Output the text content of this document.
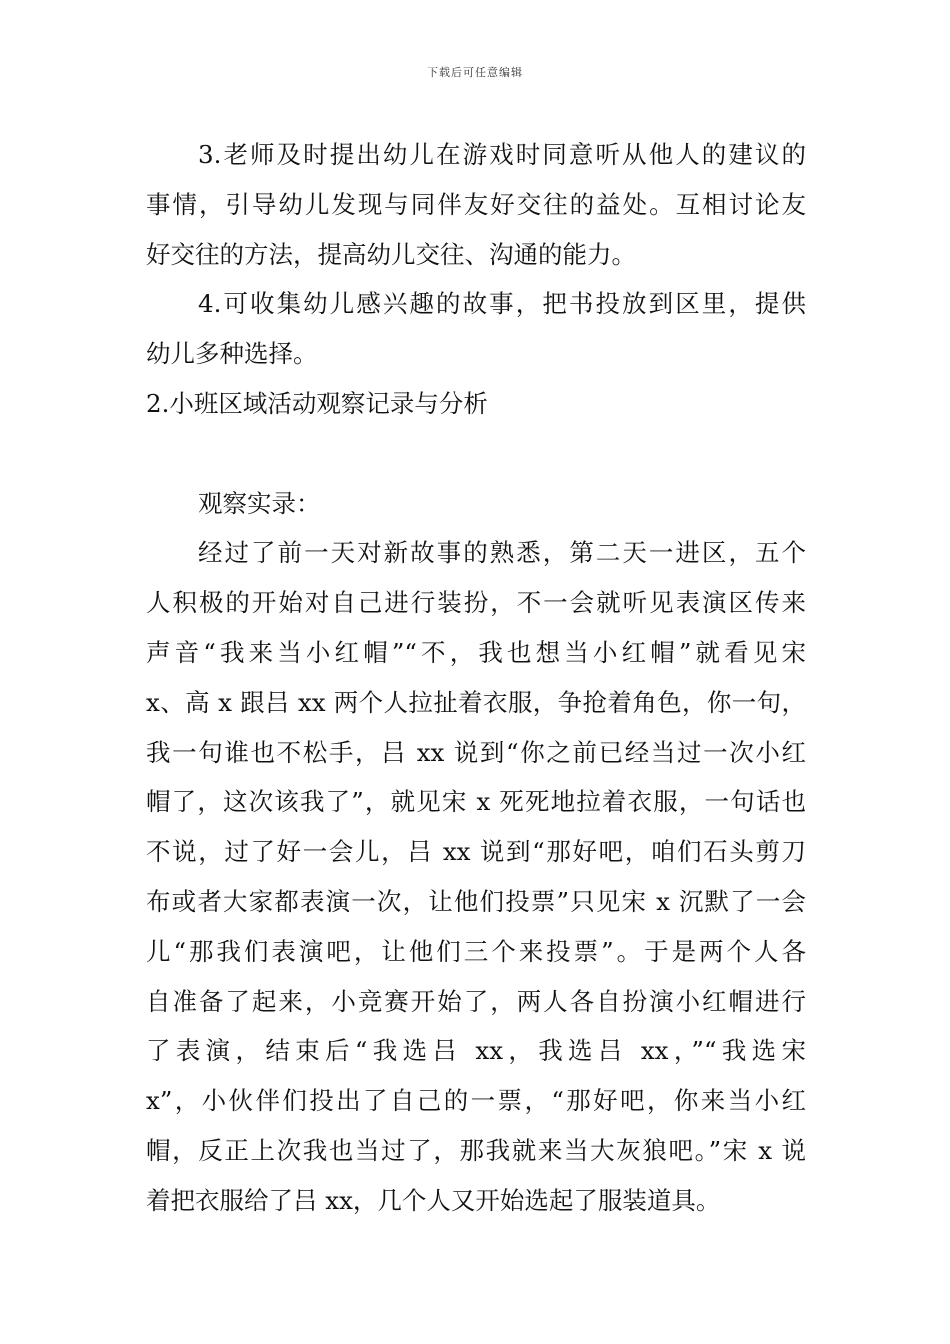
下载后可任意编辑
3.老师及时提出幼儿在游戏时同意听从他人的建议的
事情，引导幼儿发现与同伴友好交往的益处。互相讨论友
好交往的方法，提高幼儿交往、沟通的能力。
4.可收集幼儿感兴趣的故事，把书投放到区里，提供
幼儿多种选择。
2.小班区域活动观察记录与分析
观察实录：
经过了前一天对新故事的熟悉，第二天一进区，五个
人积极的开始对自己进行装扮，不一会就听见表演区传来
声音“我来当小红帽”“不，我也想当小红帽”就看见宋
x、高 x 跟吕 xx 两个人拉扯着衣服，争抢着角色，你一句，
我一句谁也不松手，吕 xx 说到“你之前已经当过一次小红
帽了，这次该我了”，就见宋 x 死死地拉着衣服，一句话也
不说，过了好一会儿，吕 xx 说到“那好吧，咱们石头剪刀
布或者大家都表演一次，让他们投票”只见宋 x 沉默了一会
儿“那我们表演吧，让他们三个来投票”。于是两个人各
自准备了起来，小竞赛开始了，两人各自扮演小红帽进行
了表演，结束后“我选吕 xx，我选吕 xx，”“我选宋
x”，小伙伴们投出了自己的一票，“那好吧，你来当小红
帽，反正上次我也当过了，那我就来当大灰狼吧。”宋 x 说
着把衣服给了吕 xx，几个人又开始选起了服装道具。
